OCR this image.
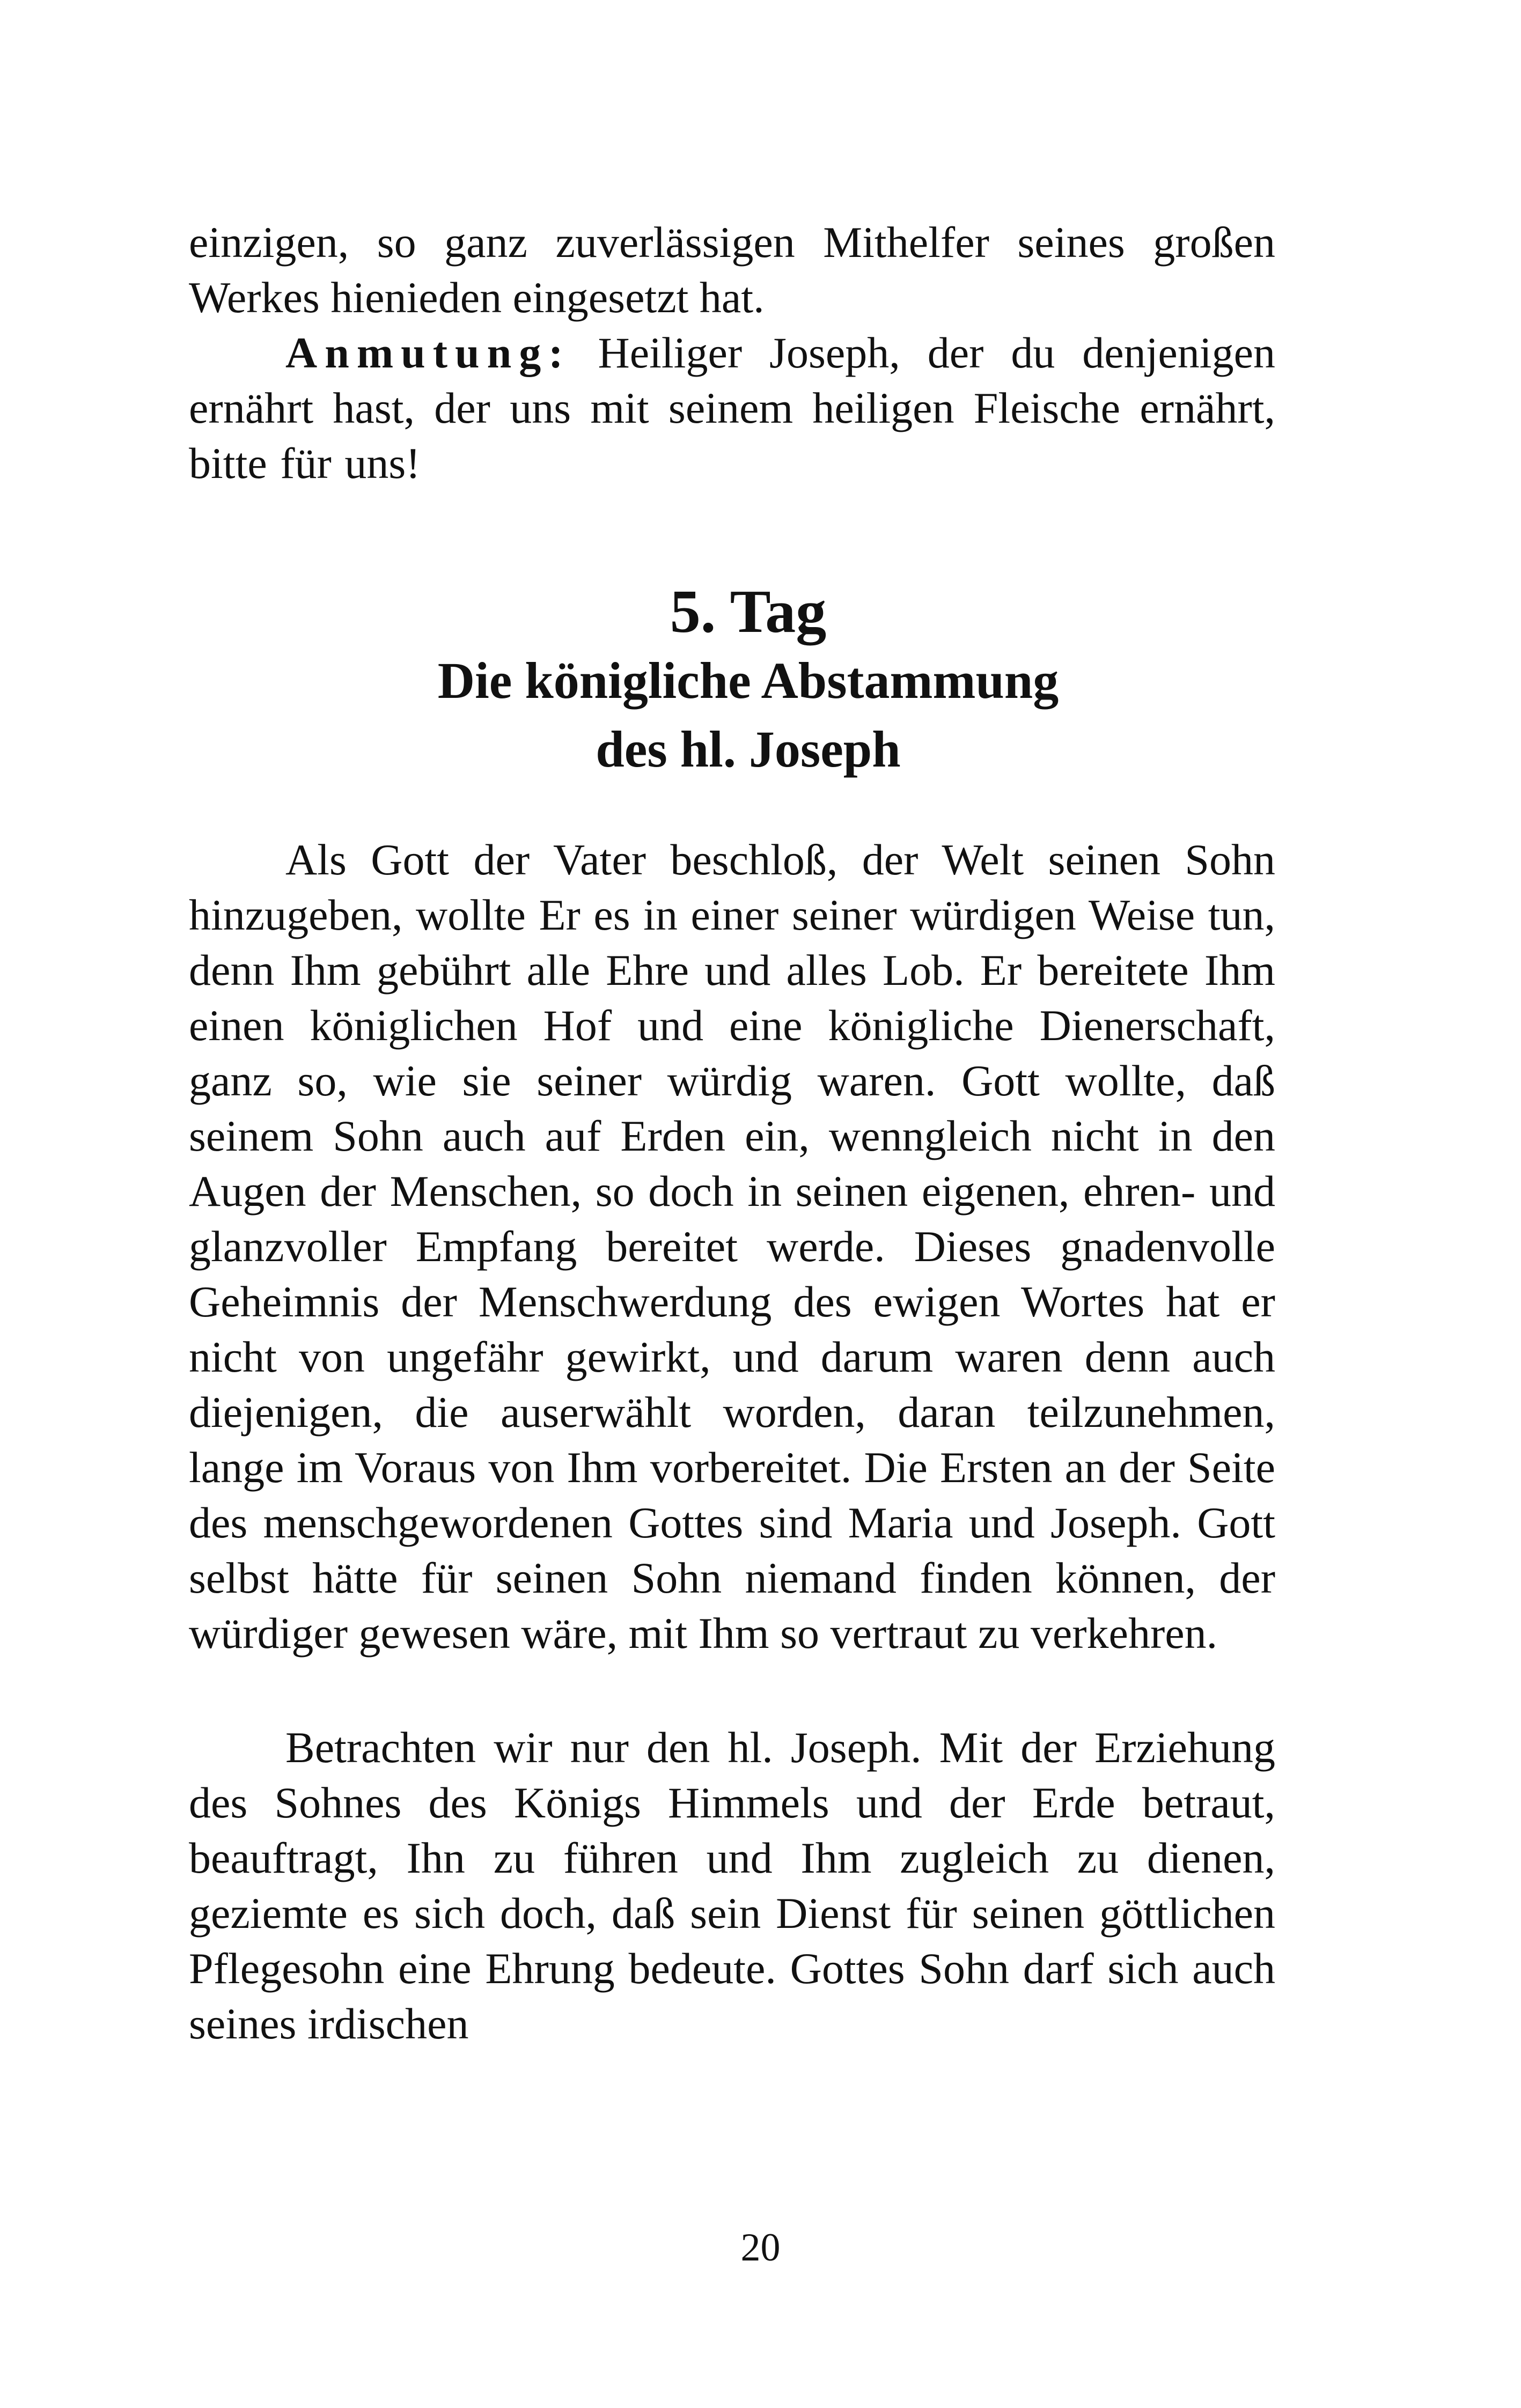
einzigen, so ganz zuverlässigen Mithelfer seines großen Werkes hienieden eingesetzt hat.

Anmutung: Heiliger Joseph, der du denjenigen ernährt hast, der uns mit seinem heiligen Fleische ernährt, bitte für uns!

5. Tag

Die königliche Abstammung

des hl. Joseph

Als Gott der Vater beschloß, der Welt seinen Sohn hinzugeben, wollte Er es in einer seiner würdigen Weise tun, denn Ihm gebührt alle Ehre und alles Lob. Er bereitete Ihm einen königlichen Hof und eine königliche Dienerschaft, ganz so, wie sie seiner würdig waren. Gott wollte, daß seinem Sohn auch auf Erden ein, wenngleich nicht in den Augen der Menschen, so doch in seinen eigenen, ehren- und glanzvoller Empfang bereitet werde. Dieses gnadenvolle Geheimnis der Menschwerdung des ewigen Wortes hat er nicht von ungefähr gewirkt, und darum waren denn auch diejenigen, die auserwählt worden, daran teilzunehmen, lange im Voraus von Ihm vorbereitet. Die Ersten an der Seite des menschgewordenen Gottes sind Maria und Joseph. Gott selbst hätte für seinen Sohn niemand finden können, der würdiger gewesen wäre, mit Ihm so vertraut zu verkehren.

Betrachten wir nur den hl. Joseph. Mit der Erziehung des Sohnes des Königs Himmels und der Erde betraut, beauftragt, Ihn zu führen und Ihm zugleich zu dienen, geziemte es sich doch, daß sein Dienst für seinen göttlichen Pflegesohn eine Ehrung bedeute. Gottes Sohn darf sich auch seines irdischen

20
